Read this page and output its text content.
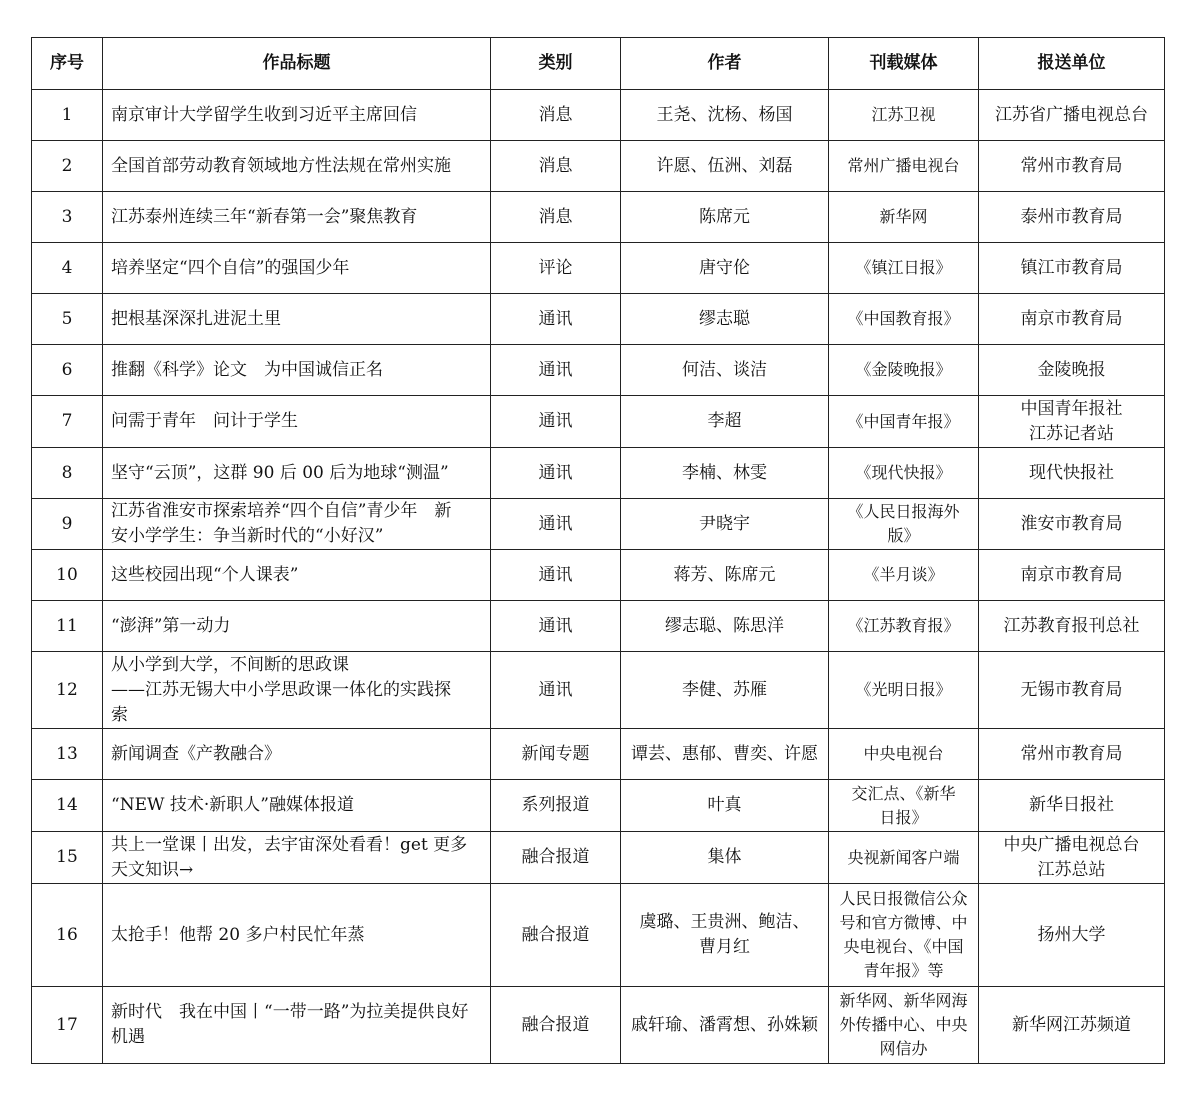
序号	作品标题	类别	作者	刊载媒体	报送单位
1	南京审计大学留学生收到习近平主席回信	消息	王尧、沈杨、杨国	江苏卫视	江苏省广播电视总台

2	全国首部劳动教育领域地方性法规在常州实施	消息	许愿、伍洲、刘磊	常州广播电视台	常州市教育局

3	江苏泰州连续三年“新春第一会”聚焦教育	消息	陈席元	新华网	泰州市教育局

4	培养坚定“四个自信”的强国少年	评论	唐守伦	《镇江日报》	镇江市教育局

5	把根基深深扎进泥土里	通讯	缪志聪	《中国教育报》	南京市教育局

6	推翻《科学》论文　为中国诚信正名	通讯	何洁、谈洁	《金陵晚报》	金陵晚报

7	问需于青年　问计于学生	通讯	李超	《中国青年报》	中国青年报社
江苏记者站

8	坚守“云顶”，这群 90 后 00 后为地球“测温”	通讯	李楠、林雯	《现代快报》	现代快报社

9	江苏省淮安市探索培养“四个自信”青少年　新
安小学学生：争当新时代的“小好汉”	通讯	尹晓宇	《人民日报海外
版》	淮安市教育局

10	这些校园出现“个人课表”	通讯	蒋芳、陈席元	《半月谈》	南京市教育局

11	“澎湃”第一动力	通讯	缪志聪、陈思洋	《江苏教育报》	江苏教育报刊总社

12	从小学到大学，不间断的思政课
——江苏无锡大中小学思政课一体化的实践探
索	通讯	李健、苏雁	《光明日报》	无锡市教育局

13	新闻调查《产教融合》	新闻专题	谭芸、惠郁、曹奕、许愿	中央电视台	常州市教育局

14	“NEW 技术·新职人”融媒体报道	系列报道	叶真	交汇点、《新华
日报》	新华日报社

15	共上一堂课丨出发，去宇宙深处看看！get 更多
天文知识→	融合报道	集体	央视新闻客户端	中央广播电视总台
江苏总站

16	太抢手！他帮 20 多户村民忙年蒸	融合报道	虞璐、王贵洲、鲍洁、
曹月红	人民日报微信公众
号和官方微博、中
央电视台、《中国
青年报》等	扬州大学

17	新时代　我在中国丨“一带一路”为拉美提供良好
机遇	融合报道	戚轩瑜、潘霄想、孙姝颖	新华网、新华网海
外传播中心、中央
网信办	新华网江苏频道
